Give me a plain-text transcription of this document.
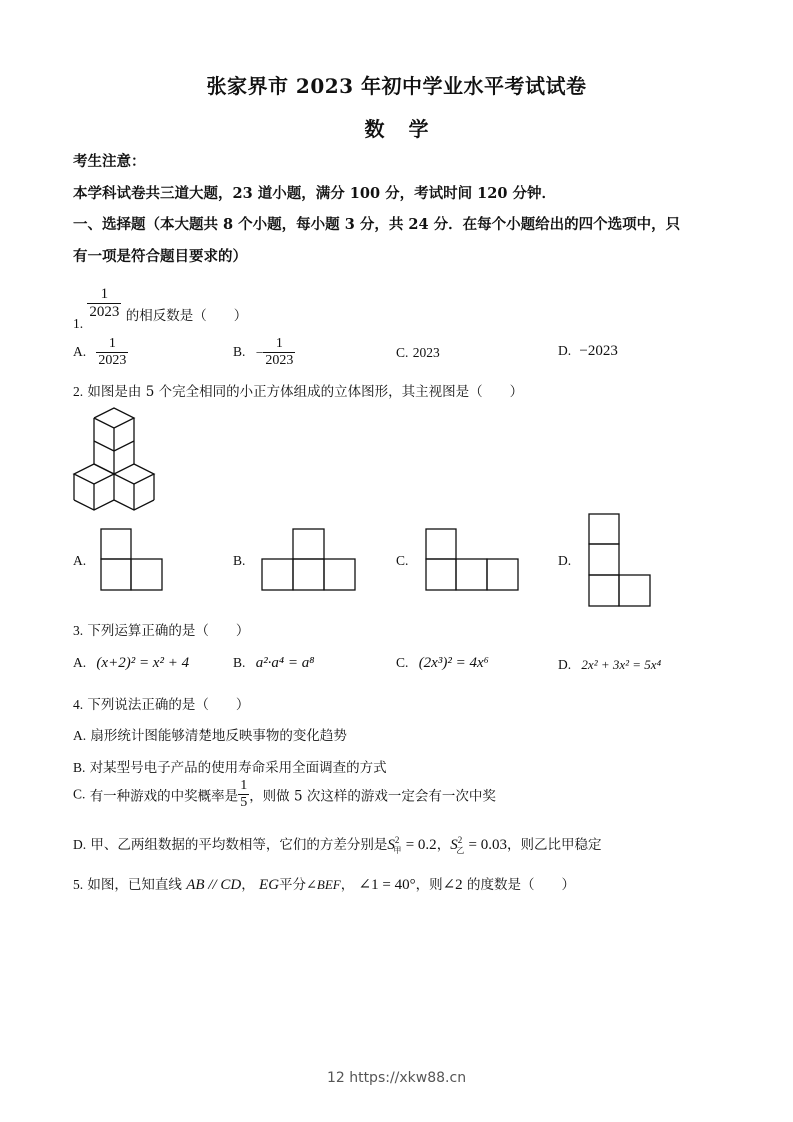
张家界市 2023 年初中学业水平考试试卷
数 学
考生注意：
本学科试卷共三道大题，23 道小题，满分 100 分，考试时间 120 分钟．
一、选择题（本大题共 8 个小题，每小题 3 分，共 24 分．在每个小题给出的四个选项中，只
有一项是符合题目要求的）
1.
$\frac{1}{2023}$ 的相反数是（　　）
A. $\frac{1}{2023}$	B. − $\frac{1}{2023}$	C. 2023	D. −2023
2. 如图是由 5 个完全相同的小正方体组成的立体图形，其主视图是（　　）
A.	B.	C.	D.
3. 下列运算正确的是（　　）
A. (x+2)² = x² + 4	B. a²·a⁴ = a⁸	C. (2x³)² = 4x⁶	D. 2x² + 3x² = 5x⁴
4. 下列说法正确的是（　　）
A. 扇形统计图能够清楚地反映事物的变化趋势
B. 对某型号电子产品的使用寿命采用全面调查的方式
C. 有一种游戏的中奖概率是 $\frac{1}{5}$ ，则做 5 次这样的游戏一定会有一次中奖
D. 甲、乙两组数据的平均数相等，它们的方差分别是$S^2_甲 = 0.2$，$S^2_乙 = 0.03$，则乙比甲稳定
5. 如图，已知直线 AB // CD， EG平分∠BEF， ∠1 = 40°，则∠2 的度数是（　　）
12 https://xkw88.cn
